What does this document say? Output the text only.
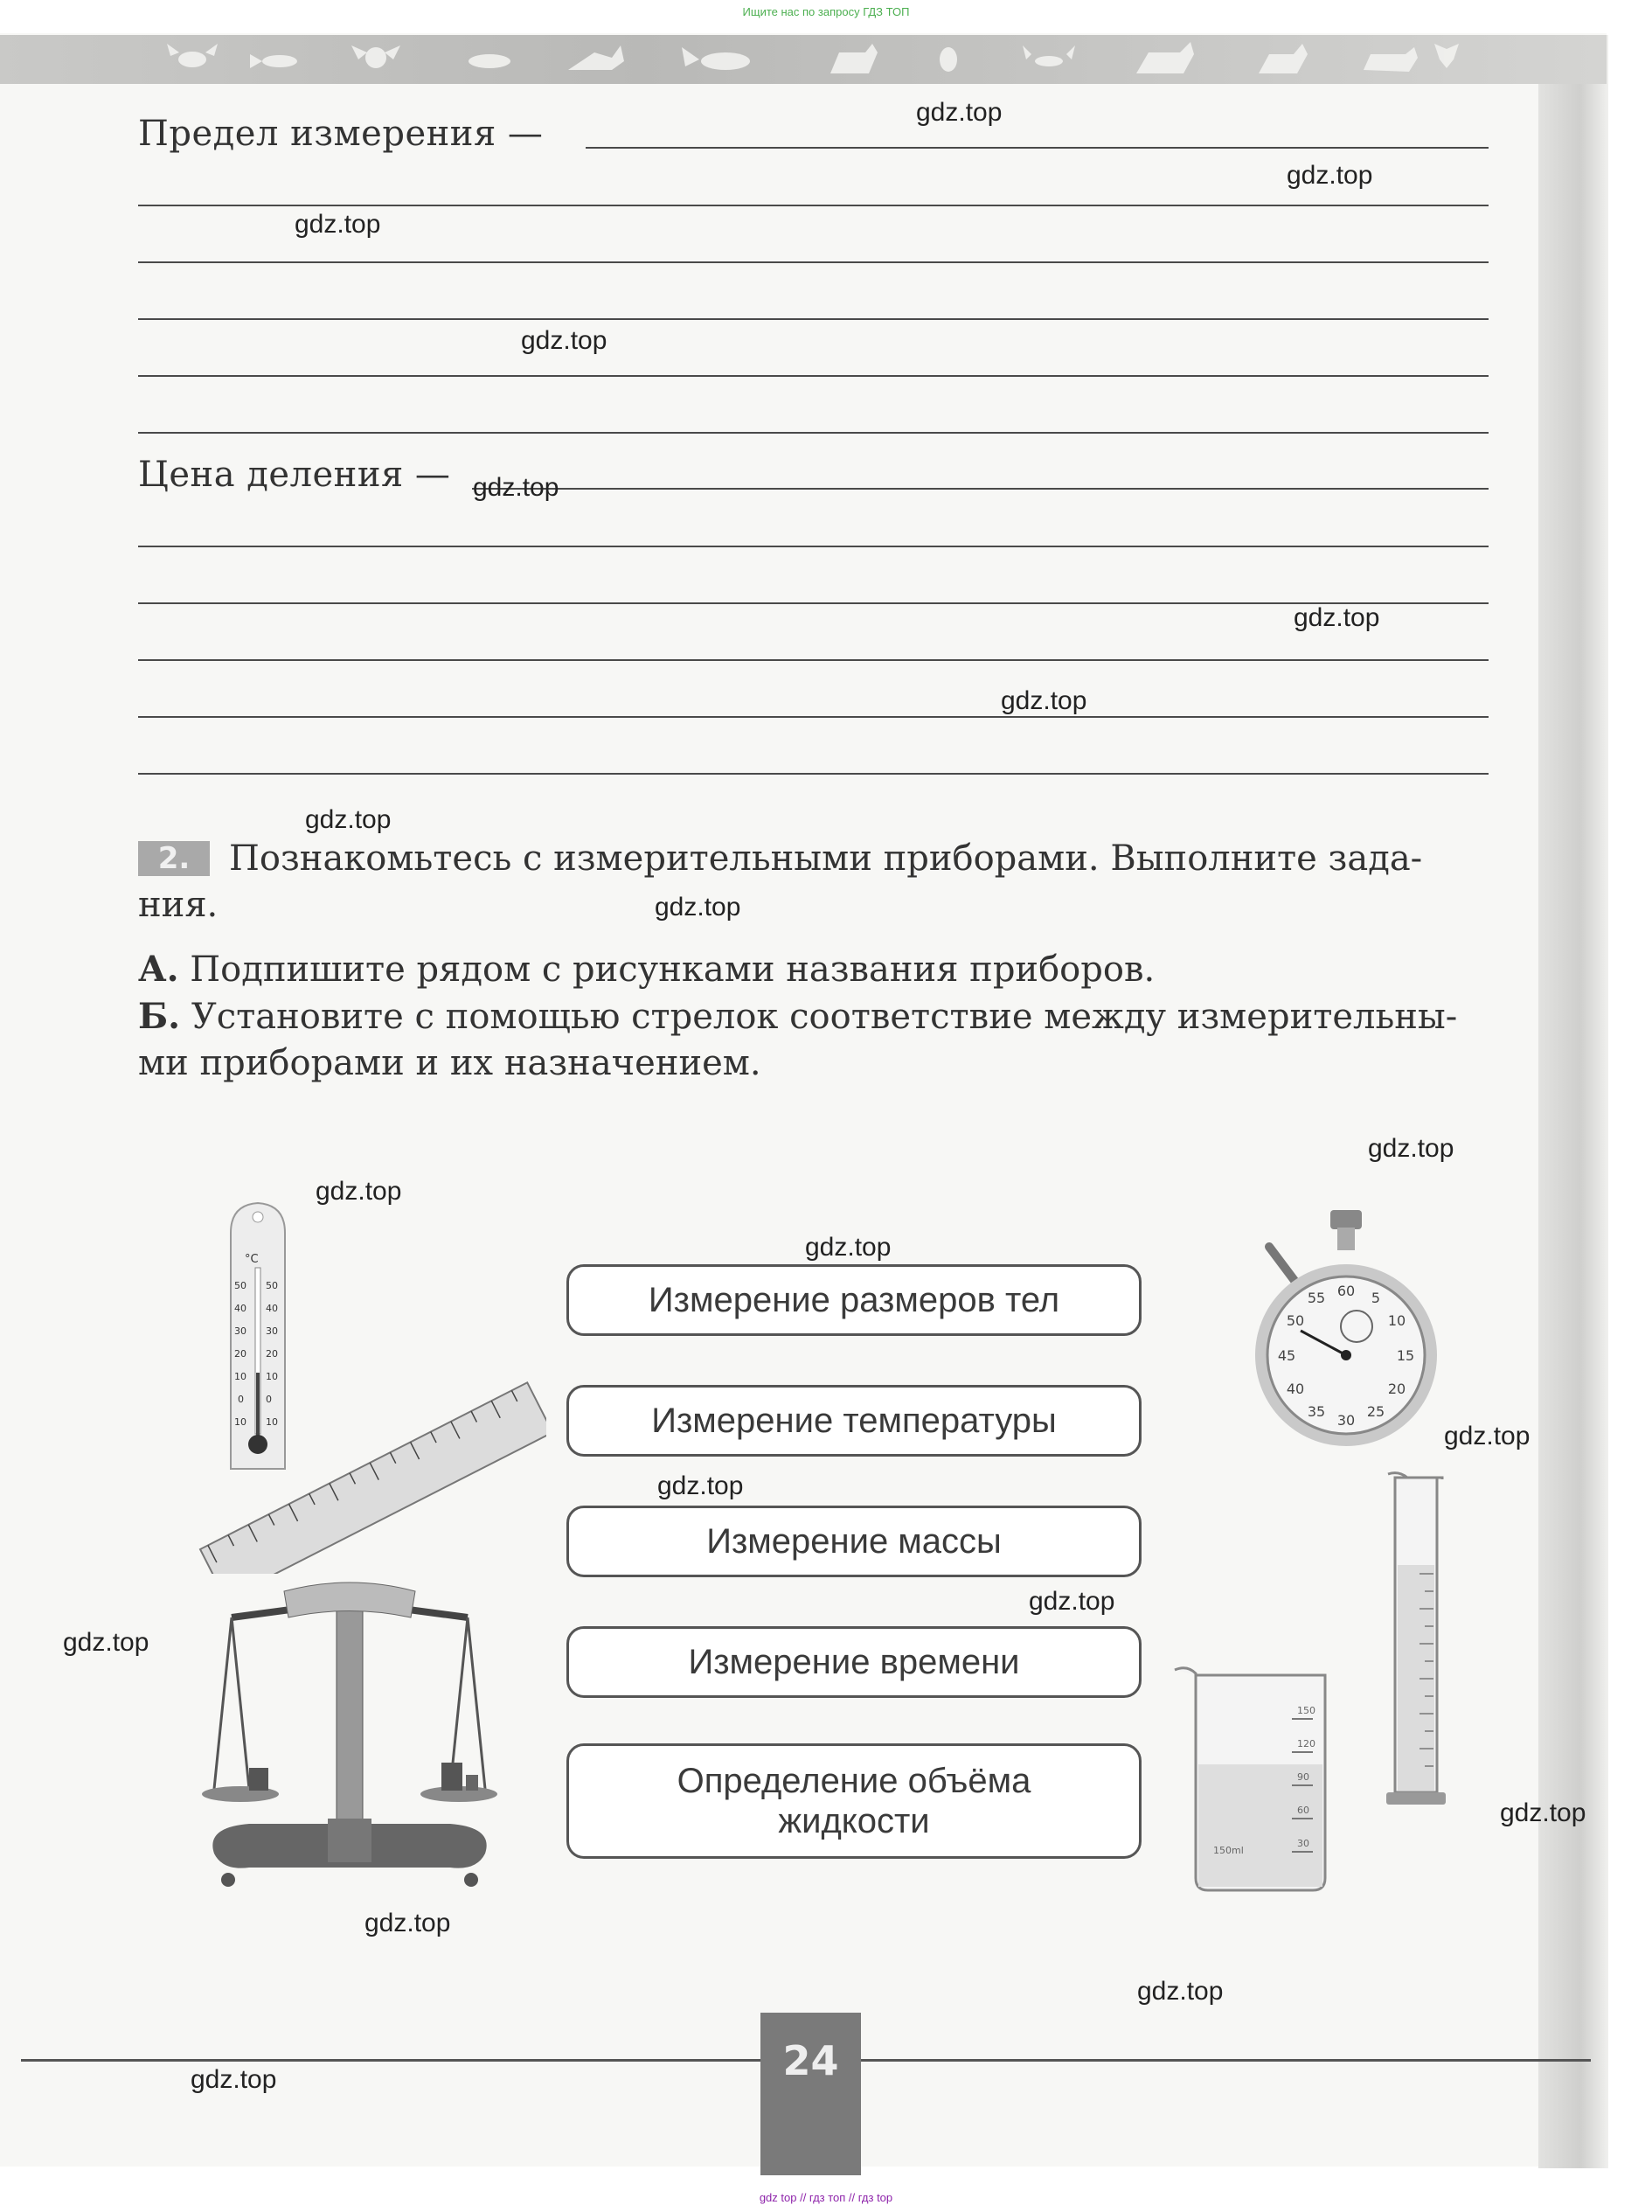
Ищите нас по запросу ГДЗ ТОП
Предел измерения —
Цена деления —
2.	Познакомьтесь с измерительными приборами. Выполните зада-
ния.
А. Подпишите рядом с рисунками названия приборов.
Б. Установите с помощью стрелок соответствие между измерительны-
ми приборами и их назначением.
Измерение размеров тел
Измерение температуры
Измерение массы
Измерение времени
Определение объёма жидкости
°C
50 50
40 40
30 30
20 20
10 10
0 0
10 10
60 5
10
15
20
25
30
35
40
45
50
55
150
120
90
60
30
150ml
gdz.top
gdz.top
gdz.top
gdz.top
gdz.top
gdz.top
gdz.top
gdz.top
gdz.top
gdz.top
gdz.top
gdz.top
gdz.top
gdz.top
gdz.top
gdz.top
gdz.top
gdz.top
gdz.top
gdz.top	24
gdz top // гдз топ // гдз top
